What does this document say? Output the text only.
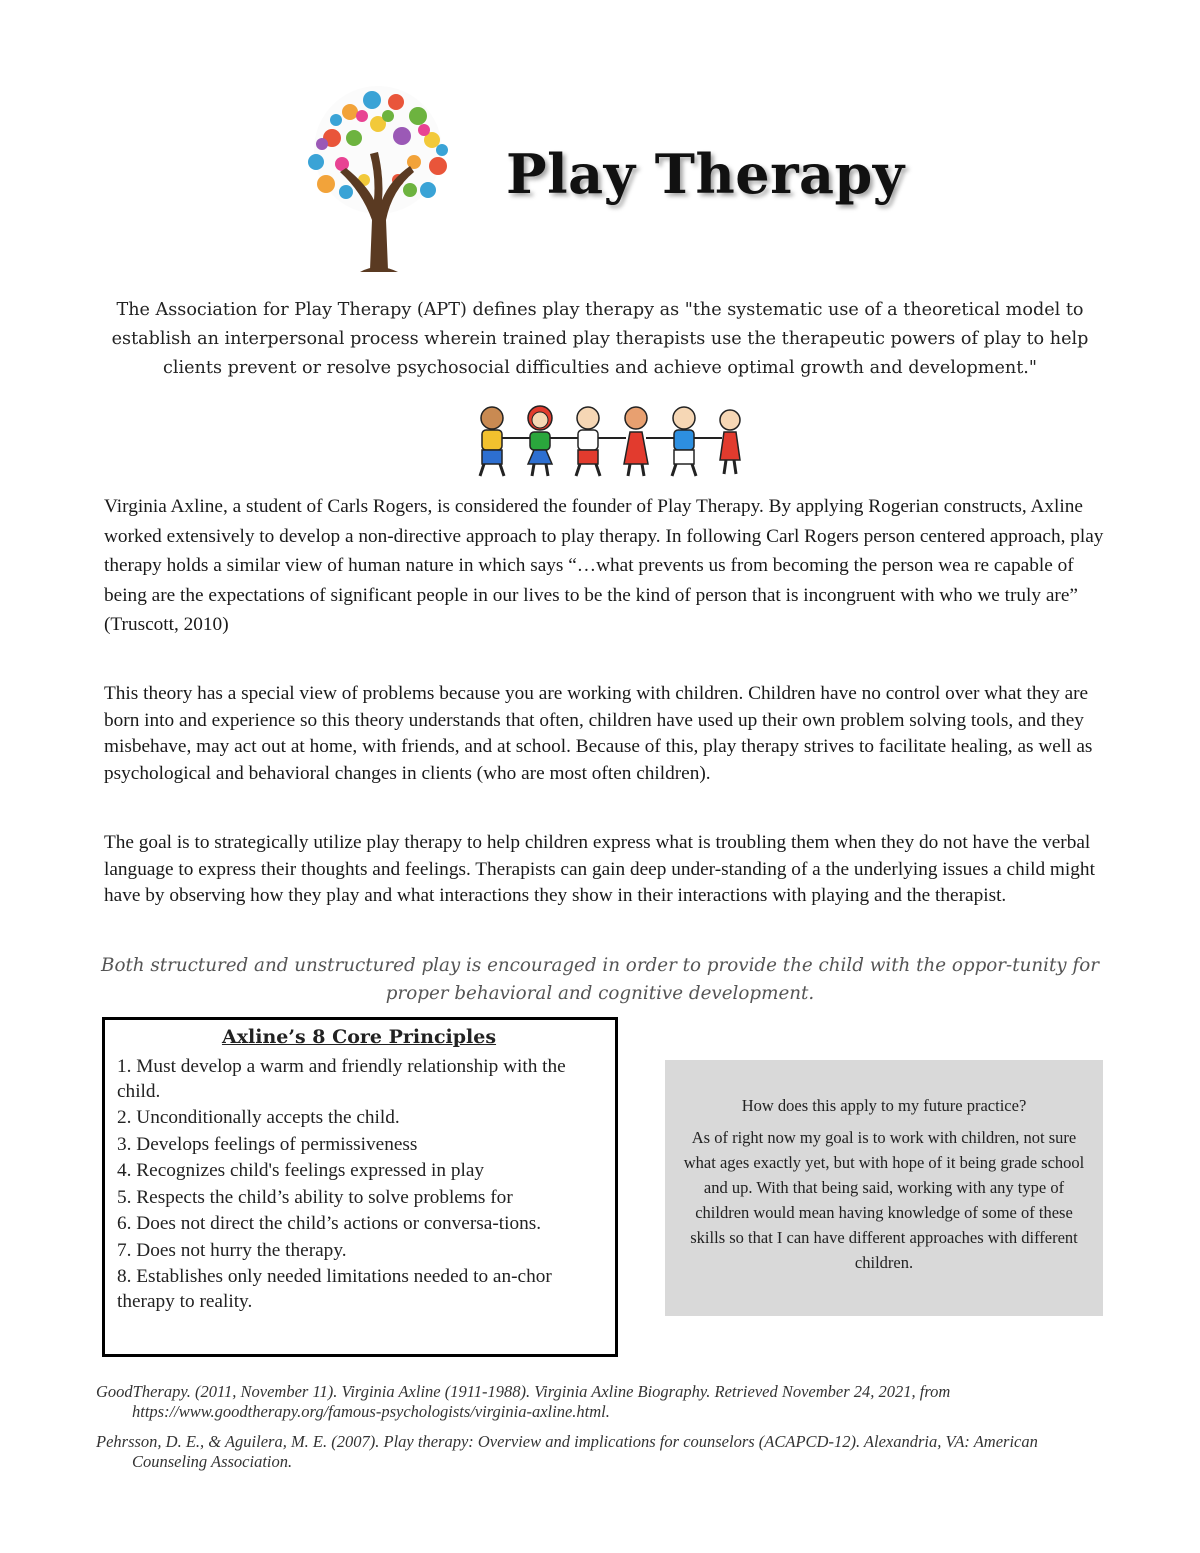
Play Therapy

The Association for Play Therapy (APT) defines play therapy as "the systematic use of a theoretical model to establish an interpersonal process wherein trained play therapists use the therapeutic powers of play to help clients prevent or resolve psychosocial difficulties and achieve optimal growth and development."

Virginia Axline, a student of Carls Rogers, is considered the founder of Play Therapy. By applying Rogerian constructs, Axline worked extensively to develop a non-directive approach to play therapy. In following Carl Rogers person centered approach, play therapy holds a similar view of human nature in which says “…what prevents us from becoming the person wea re capable of being are the expectations of significant people in our lives to be the kind of person that is incongruent with who we truly are” (Truscott, 2010)

This theory has a special view of problems because you are working with children. Children have no control over what they are born into and experience so this theory understands that often, children have used up their own problem solving tools, and they misbehave, may act out at home, with friends, and at school. Because of this, play therapy strives to facilitate healing, as well as psychological and behavioral changes in clients (who are most often children).

The goal is to strategically utilize play therapy to help children express what is troubling them when they do not have the verbal language to express their thoughts and feelings. Therapists can gain deep under-standing of a the underlying issues a child might have by observing how they play and what interactions they show in their interactions with playing and the therapist.

Both structured and unstructured play is encouraged in order to provide the child with the oppor-tunity for proper behavioral and cognitive development.

Axline’s 8 Core Principles
1. Must develop a warm and friendly relationship with the child.
2. Unconditionally accepts the child.
3. Develops feelings of permissiveness
4. Recognizes child's feelings expressed in play
5. Respects the child’s ability to solve problems for
6. Does not direct the child’s actions or conversa-tions.
7. Does not hurry the therapy.
8. Establishes only needed limitations needed to an-chor therapy to reality.
How does this apply to my future practice?

As of right now my goal is to work with children, not sure what ages exactly yet, but with hope of it being grade school and up. With that being said, working with any type of children would mean having knowledge of some of these skills so that I can have different approaches with different children.

GoodTherapy. (2011, November 11). Virginia Axline (1911-1988). Virginia Axline Biography. Retrieved November 24, 2021, from https://www.goodtherapy.org/famous-psychologists/virginia-axline.html.

Pehrsson, D. E., & Aguilera, M. E. (2007). Play therapy: Overview and implications for counselors (ACAPCD-12). Alexandria, VA: American Counseling Association.
